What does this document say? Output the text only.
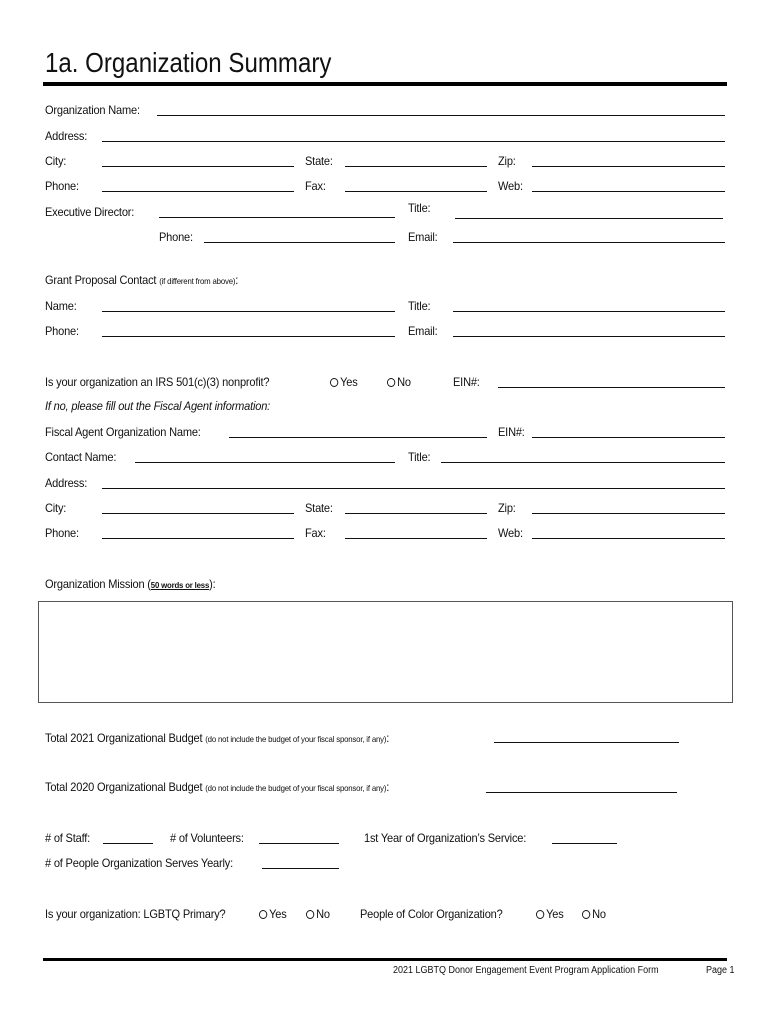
1a. Organization Summary
Organization Name:
Address:
City:	State:	Zip:
Phone:	Fax:	Web:
Executive Director:	Title:
Phone:	Email:
Grant Proposal Contact (if different from above):
Name:	Title:
Phone:	Email:
Is your organization an IRS 501(c)(3) nonprofit?	Yes	No	EIN#:
If no, please fill out the Fiscal Agent information:
Fiscal Agent Organization Name:	EIN#:
Contact Name:	Title:
Address:
City:	State:	Zip:
Phone:	Fax:	Web:
Organization Mission (50 words or less):
Total 2021 Organizational Budget (do not include the budget of your fiscal sponsor, if any):
Total 2020 Organizational Budget (do not include the budget of your fiscal sponsor, if any):
# of Staff:	# of Volunteers:	1st Year of Organization’s Service:
# of People Organization Serves Yearly:
Is your organization: LGBTQ Primary?	Yes	No	People of Color Organization?	Yes	No
2021 LGBTQ Donor Engagement Event Program Application Form	Page 1
